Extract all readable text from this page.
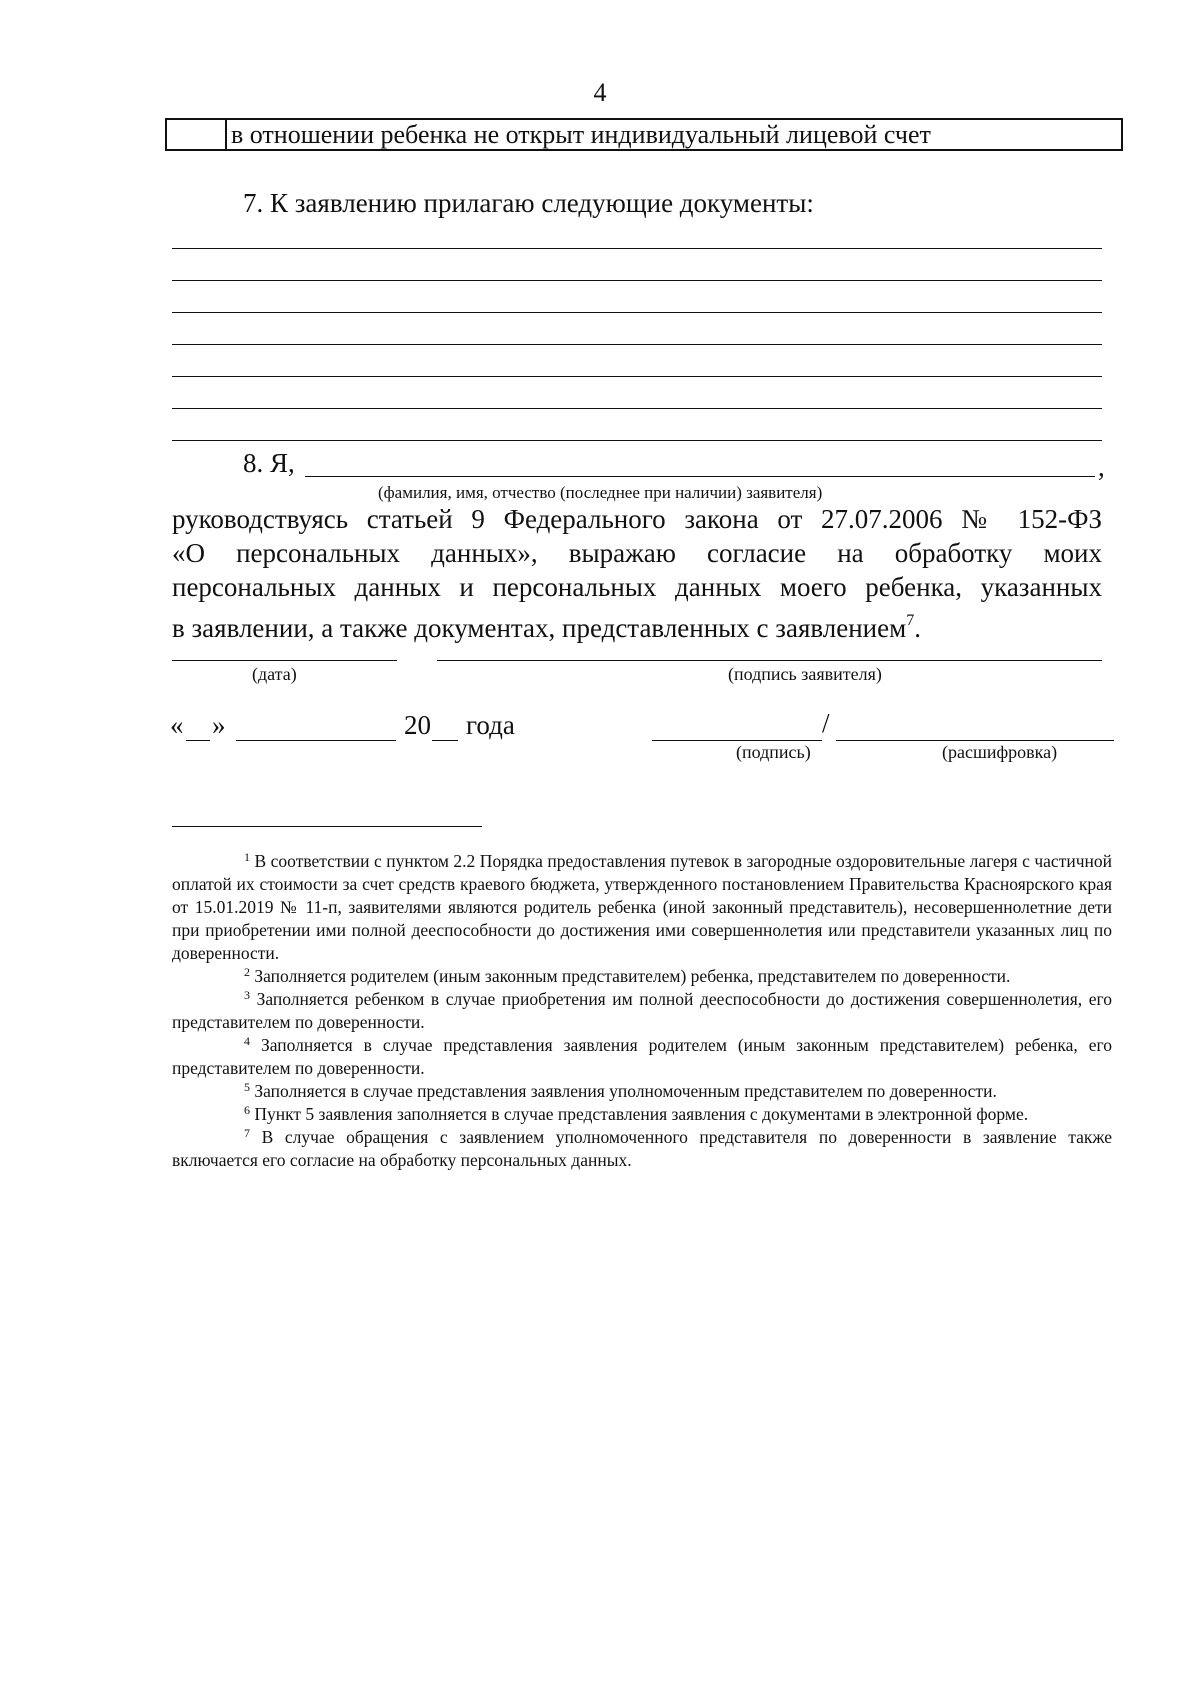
4
в отношении ребенка не открыт индивидуальный лицевой счет
7. К заявлению прилагаю следующие документы:
8. Я,	,
(фамилия, имя, отчество (последнее при наличии) заявителя)
руководствуясь статьей 9 Федерального закона от 27.07.2006 № 152-ФЗ
«О персональных данных», выражаю согласие на обработку моих
персональных данных и персональных данных моего ребенка, указанных
в заявлении, а также документах, представленных с заявлением$^7$.
(дата)	(подпись заявителя)
« »	20 года	/
(подпись)	(расшифровка)

$^1$ В соответствии с пунктом 2.2 Порядка предоставления путевок в загородные оздоровительные лагеря с частичной оплатой их стоимости за счет средств краевого бюджета, утвержденного постановлением Правительства Красноярского края от 15.01.2019 № 11-п, заявителями являются родитель ребенка (иной законный представитель), несовершеннолетние дети при приобретении ими полной дееспособности до достижения ими совершеннолетия или представители указанных лиц по доверенности.

$^2$ Заполняется родителем (иным законным представителем) ребенка, представителем по доверенности.

$^3$ Заполняется ребенком в случае приобретения им полной дееспособности до достижения совершеннолетия, его представителем по доверенности.

$^4$ Заполняется в случае представления заявления родителем (иным законным представителем) ребенка, его представителем по доверенности.

$^5$ Заполняется в случае представления заявления уполномоченным представителем по доверенности.

$^6$ Пункт 5 заявления заполняется в случае представления заявления с документами в электронной форме.

$^7$ В случае обращения с заявлением уполномоченного представителя по доверенности в заявление также включается его согласие на обработку персональных данных.
